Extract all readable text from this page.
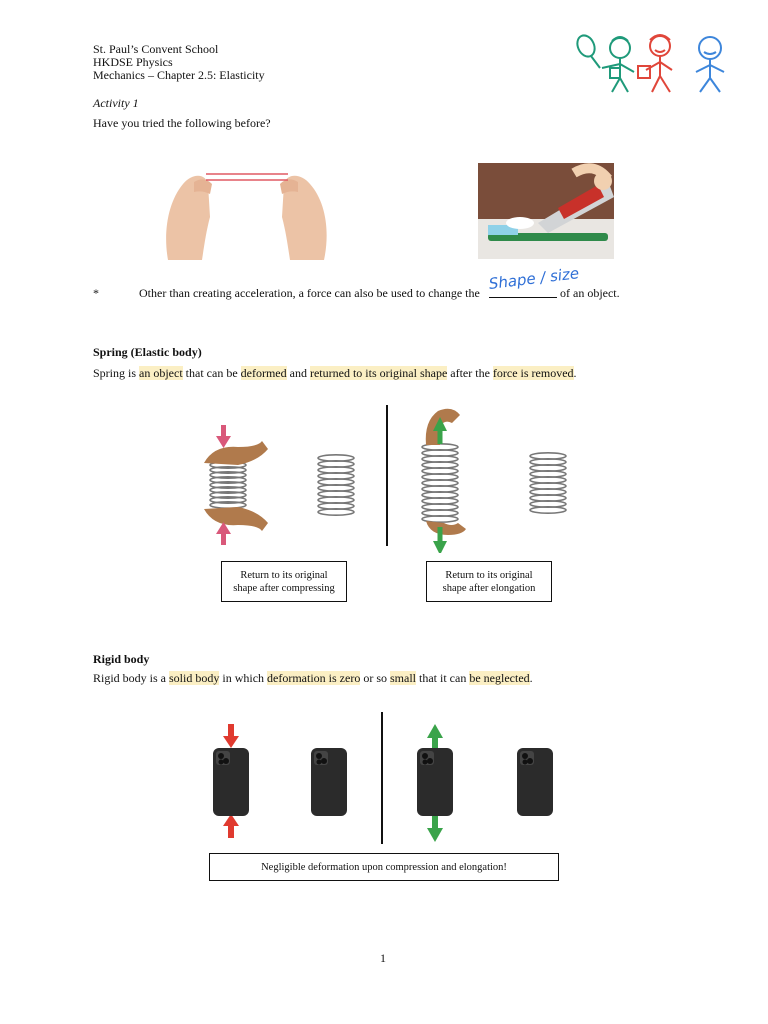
St. Paul’s Convent School
HKDSE Physics
Mechanics – Chapter 2.5: Elasticity
Activity 1
Have you tried the following before?
*	Other than creating acceleration, a force can also be used to change the Shape / size
of an object.
Spring (Elastic body)
Spring is an object that can be deformed and returned to its original shape after the force is removed.
Return to its original shape after compressing
Return to its original shape after elongation
Rigid body
Rigid body is a solid body in which deformation is zero or so small that it can be neglected.
Negligible deformation upon compression and elongation!
1
